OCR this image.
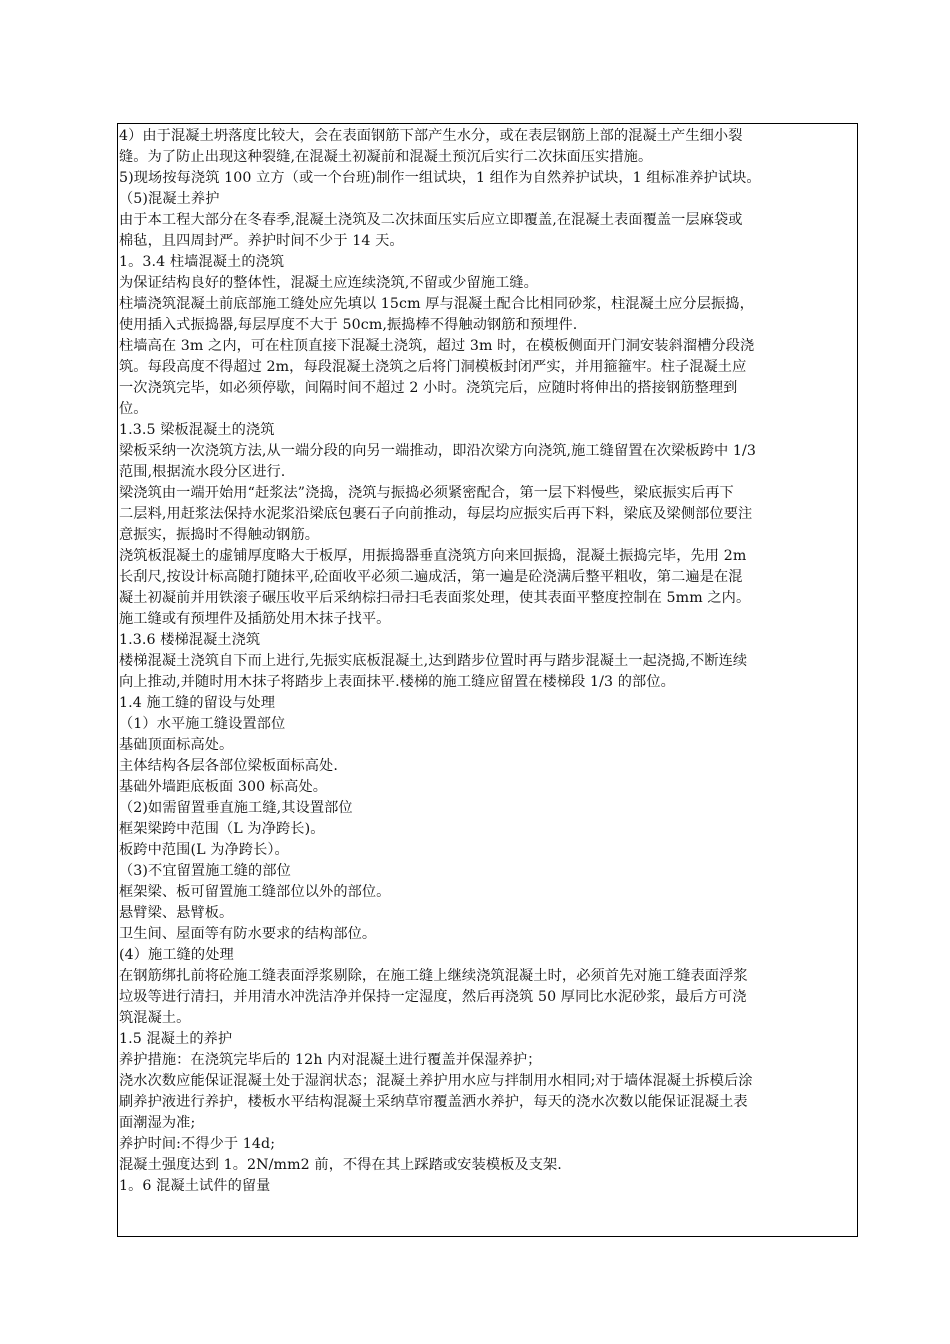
4）由于混凝土坍落度比较大，会在表面钢筋下部产生水分，或在表层钢筋上部的混凝土产生细小裂
缝。为了防止出现这种裂缝,在混凝土初凝前和混凝土预沉后实行二次抹面压实措施。
5)现场按每浇筑 100 立方（或一个台班)制作一组试块，1 组作为自然养护试块，1 组标准养护试块。
（5)混凝土养护
由于本工程大部分在冬春季,混凝土浇筑及二次抹面压实后应立即覆盖,在混凝土表面覆盖一层麻袋或
棉毡，且四周封严。养护时间不少于 14 天。
1。3.4 柱墙混凝土的浇筑
为保证结构良好的整体性，混凝土应连续浇筑,不留或少留施工缝。
柱墙浇筑混凝土前底部施工缝处应先填以 15cm 厚与混凝土配合比相同砂浆，柱混凝土应分层振捣，
使用插入式振捣器,每层厚度不大于 50cm,振捣棒不得触动钢筋和预埋件.
柱墙高在 3m 之内，可在柱顶直接下混凝土浇筑，超过 3m 时，在模板侧面开门洞安装斜溜槽分段浇
筑。每段高度不得超过 2m，每段混凝土浇筑之后将门洞模板封闭严实，并用箍箍牢。柱子混凝土应
一次浇筑完毕，如必须停歇，间隔时间不超过 2 小时。浇筑完后，应随时将伸出的搭接钢筋整理到
位。
1.3.5 梁板混凝土的浇筑
梁板采纳一次浇筑方法,从一端分段的向另一端推动，即沿次梁方向浇筑,施工缝留置在次梁板跨中 1/3
范围,根据流水段分区进行.
梁浇筑由一端开始用“赶浆法”浇捣，浇筑与振捣必须紧密配合，第一层下料慢些，梁底振实后再下
二层料,用赶浆法保持水泥浆沿梁底包裹石子向前推动，每层均应振实后再下料，梁底及梁侧部位要注
意振实，振捣时不得触动钢筋。
浇筑板混凝土的虚铺厚度略大于板厚，用振捣器垂直浇筑方向来回振捣，混凝土振捣完毕，先用 2m
长刮尺,按设计标高随打随抹平,砼面收平必须二遍成活，第一遍是砼浇满后整平粗收，第二遍是在混
凝土初凝前并用铁滚子碾压收平后采纳棕扫帚扫毛表面浆处理，使其表面平整度控制在 5mm 之内。
施工缝或有预埋件及插筋处用木抹子找平。
1.3.6 楼梯混凝土浇筑
楼梯混凝土浇筑自下而上进行,先振实底板混凝土,达到踏步位置时再与踏步混凝土一起浇捣,不断连续
向上推动,并随时用木抹子将踏步上表面抹平.楼梯的施工缝应留置在楼梯段 1/3 的部位。
1.4 施工缝的留设与处理
（1）水平施工缝设置部位
基础顶面标高处。
主体结构各层各部位梁板面标高处.
基础外墙距底板面 300 标高处。
（2)如需留置垂直施工缝,其设置部位
框架梁跨中范围（L 为净跨长)。
板跨中范围(L 为净跨长）。
（3)不宜留置施工缝的部位
框架梁、板可留置施工缝部位以外的部位。
悬臂梁、悬臂板。
卫生间、屋面等有防水要求的结构部位。
(4）施工缝的处理
在钢筋绑扎前将砼施工缝表面浮浆剔除，在施工缝上继续浇筑混凝土时，必须首先对施工缝表面浮浆
垃圾等进行清扫，并用清水冲洗洁净并保持一定湿度，然后再浇筑 50 厚同比水泥砂浆，最后方可浇
筑混凝土。
1.5 混凝土的养护
养护措施：在浇筑完毕后的 12h 内对混凝土进行覆盖并保湿养护；
浇水次数应能保证混凝土处于湿润状态；混凝土养护用水应与拌制用水相同;对于墙体混凝土拆模后涂
刷养护液进行养护，楼板水平结构混凝土采纳草帘覆盖洒水养护，每天的浇水次数以能保证混凝土表
面潮湿为准;
养护时间:不得少于 14d;
混凝土强度达到 1。2N/mm2 前，不得在其上踩踏或安装模板及支架.
1。6 混凝土试件的留量
